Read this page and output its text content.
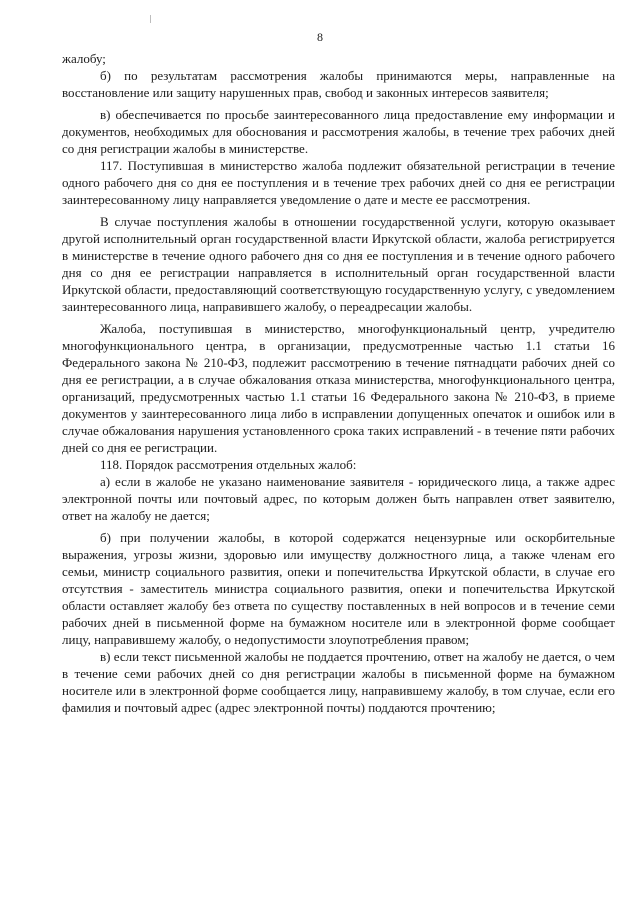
8

жалобу;

б) по результатам рассмотрения жалобы принимаются меры, направленные на восстановление или защиту нарушенных прав, свобод и законных интересов заявителя;

в) обеспечивается по просьбе заинтересованного лица предоставление ему информации и документов, необходимых для обоснования и рассмотрения жалобы, в течение трех рабочих дней со дня регистрации жалобы в министерстве.

117. Поступившая в министерство жалоба подлежит обязательной регистрации в течение одного рабочего дня со дня ее поступления и в течение трех рабочих дней со дня ее регистрации заинтересованному лицу направляется уведомление о дате и месте ее рассмотрения.

В случае поступления жалобы в отношении государственной услуги, которую оказывает другой исполнительный орган государственной власти Иркутской области, жалоба регистрируется в министерстве в течение одного рабочего дня со дня ее поступления и в течение одного рабочего дня со дня ее регистрации направляется в исполнительный орган государственной власти Иркутской области, предоставляющий соответствующую государственную услугу, с уведомлением заинтересованного лица, направившего жалобу, о переадресации жалобы.

Жалоба, поступившая в министерство, многофункциональный центр, учредителю многофункционального центра, в организации, предусмотренные частью 1.1 статьи 16 Федерального закона № 210-ФЗ, подлежит рассмотрению в течение пятнадцати рабочих дней со дня ее регистрации, а в случае обжалования отказа министерства, многофункционального центра, организаций, предусмотренных частью 1.1 статьи 16 Федерального закона № 210-ФЗ, в приеме документов у заинтересованного лица либо в исправлении допущенных опечаток и ошибок или в случае обжалования нарушения установленного срока таких исправлений - в течение пяти рабочих дней со дня ее регистрации.

118. Порядок рассмотрения отдельных жалоб:

а) если в жалобе не указано наименование заявителя - юридического лица, а также адрес электронной почты или почтовый адрес, по которым должен быть направлен ответ заявителю, ответ на жалобу не дается;

б) при получении жалобы, в которой содержатся нецензурные или оскорбительные выражения, угрозы жизни, здоровью или имуществу должностного лица, а также членам его семьи, министр социального развития, опеки и попечительства Иркутской области, в случае его отсутствия - заместитель министра социального развития, опеки и попечительства Иркутской области оставляет жалобу без ответа по существу поставленных в ней вопросов и в течение семи рабочих дней в письменной форме на бумажном носителе или в электронной форме сообщает лицу, направившему жалобу, о недопустимости злоупотребления правом;

в) если текст письменной жалобы не поддается прочтению, ответ на жалобу не дается, о чем в течение семи рабочих дней со дня регистрации жалобы в письменной форме на бумажном носителе или в электронной форме сообщается лицу, направившему жалобу, в том случае, если его фамилия и почтовый адрес (адрес электронной почты) поддаются прочтению;
